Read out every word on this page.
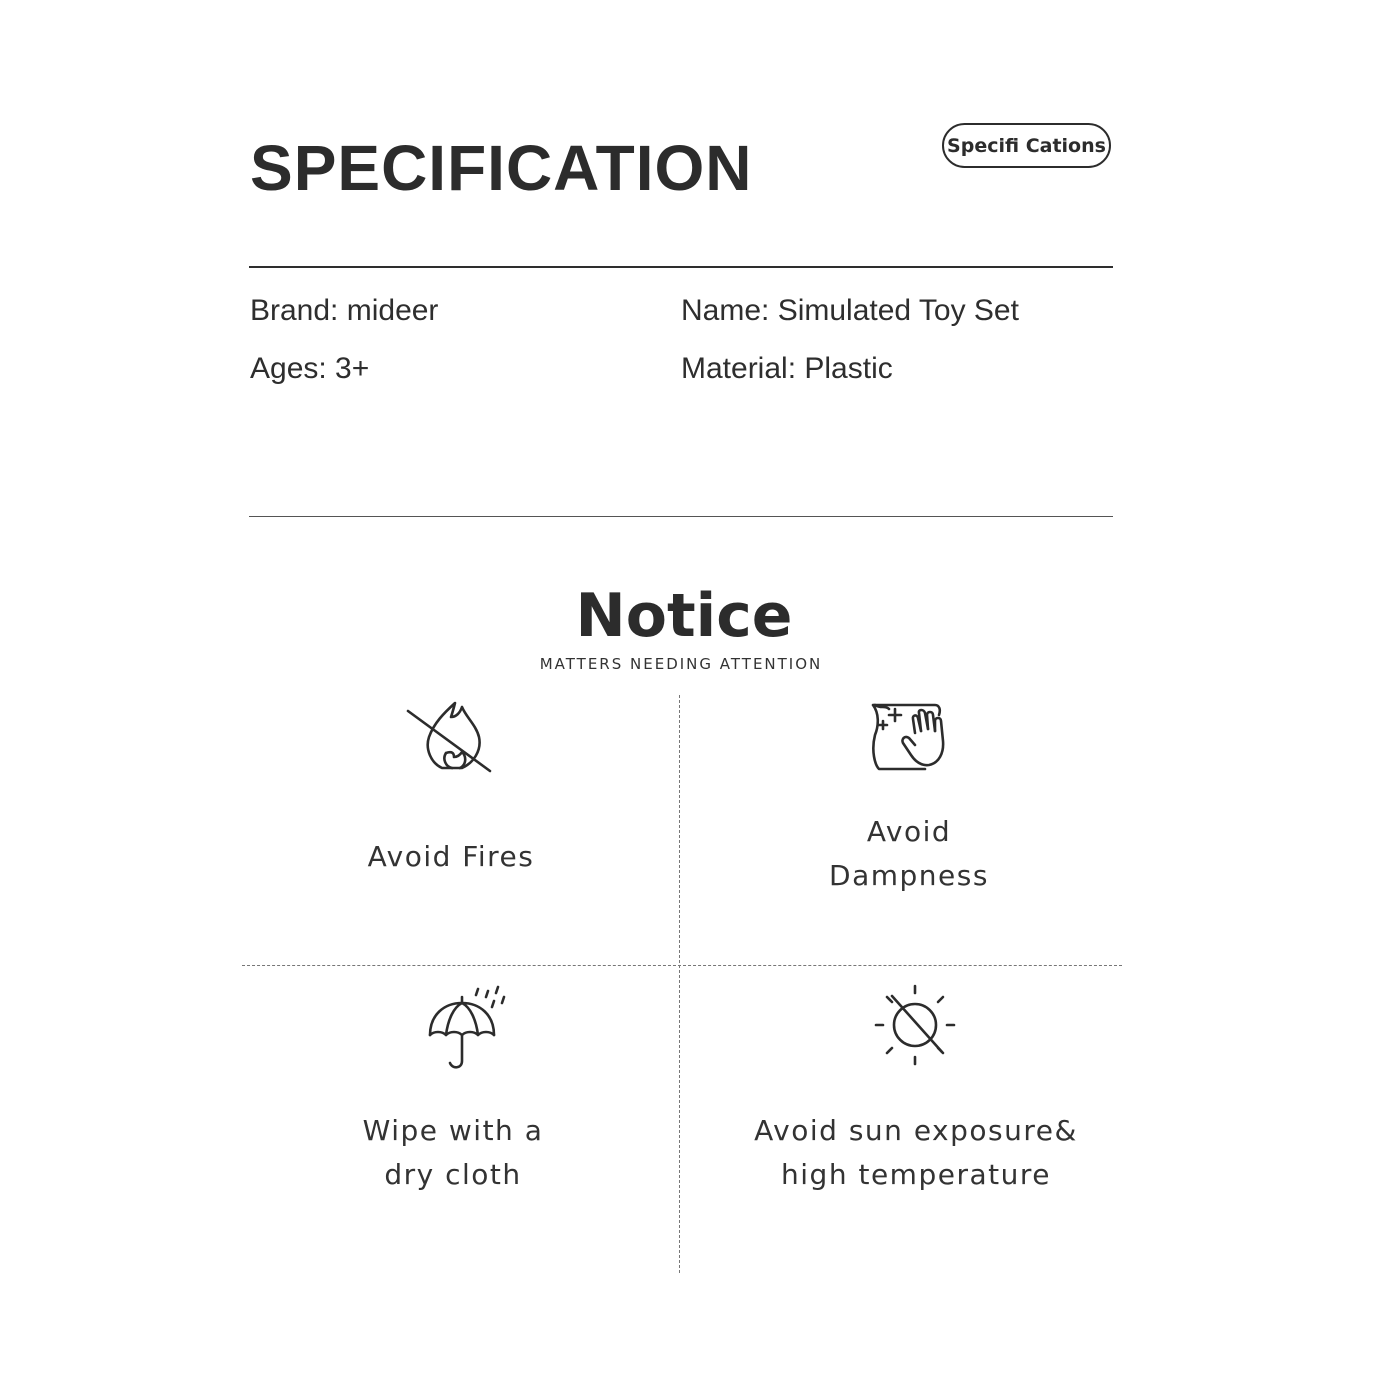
SPECIFICATION	Specifi Cations
Brand: mideer	Name: Simulated Toy Set
Ages: 3+	Material: Plastic
Notice
MATTERS NEEDING ATTENTION
Avoid Fires
Avoid
Dampness
Wipe with a
dry cloth
Avoid sun exposure&
high temperature
